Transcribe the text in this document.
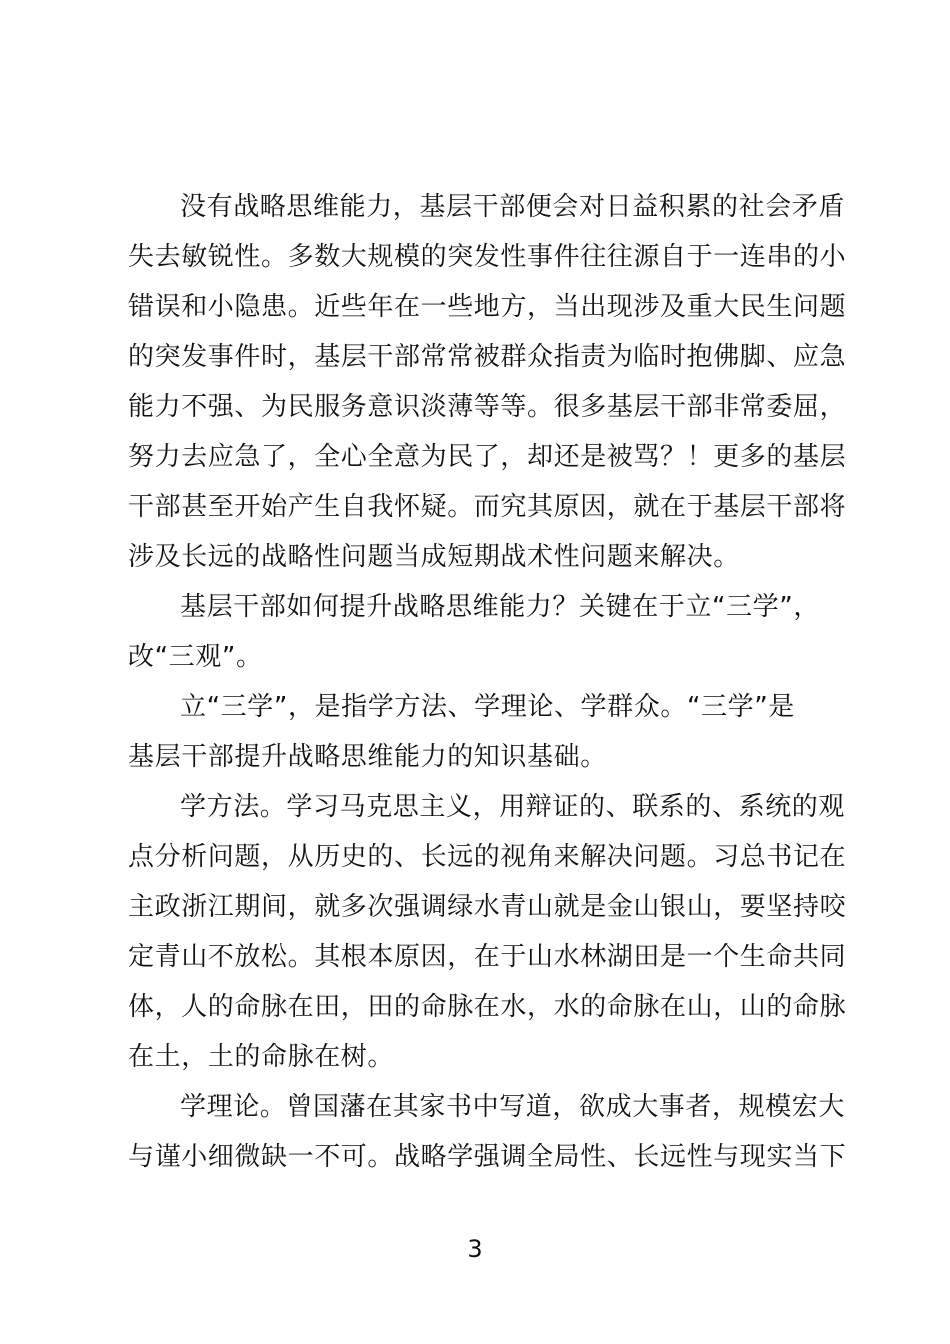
没有战略思维能力，基层干部便会对日益积累的社会矛盾
失去敏锐性。多数大规模的突发性事件往往源自于一连串的小
错误和小隐患。近些年在一些地方，当出现涉及重大民生问题
的突发事件时，基层干部常常被群众指责为临时抱佛脚、应急
能力不强、为民服务意识淡薄等等。很多基层干部非常委屈，
努力去应急了，全心全意为民了，却还是被骂？！更多的基层
干部甚至开始产生自我怀疑。而究其原因，就在于基层干部将
涉及长远的战略性问题当成短期战术性问题来解决。
基层干部如何提升战略思维能力？关键在于立“三学”，
改“三观”。
立“三学”，是指学方法、学理论、学群众。“三学”是
基层干部提升战略思维能力的知识基础。
学方法。学习马克思主义，用辩证的、联系的、系统的观
点分析问题，从历史的、长远的视角来解决问题。习总书记在
主政浙江期间，就多次强调绿水青山就是金山银山，要坚持咬
定青山不放松。其根本原因，在于山水林湖田是一个生命共同
体，人的命脉在田，田的命脉在水，水的命脉在山，山的命脉
在土，土的命脉在树。
学理论。曾国藩在其家书中写道，欲成大事者，规模宏大
与谨小细微缺一不可。战略学强调全局性、长远性与现实当下
3
